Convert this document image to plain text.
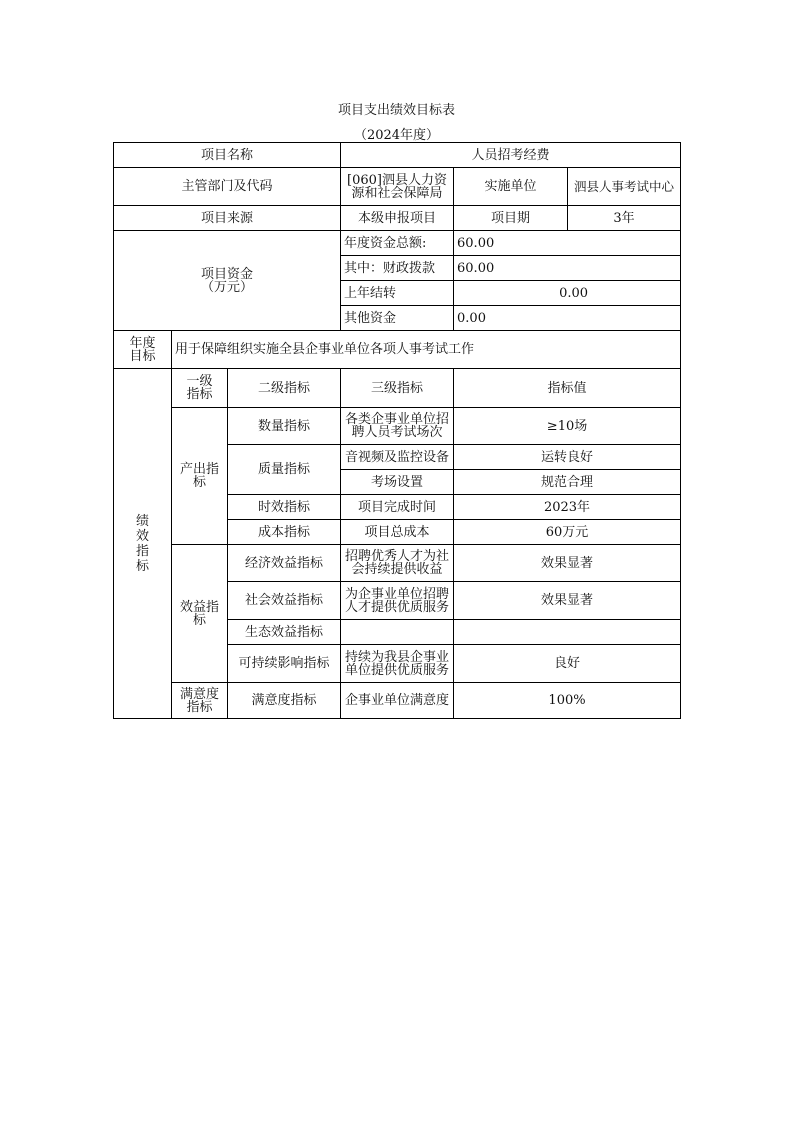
项目支出绩效目标表
（2024年度）
项目名称			人员招考经费		
主管部门及代码			[060]泗县人力资源和社会保障局	实施单位	泗县人事考试中心
项目来源			本级申报项目	项目期	3年

项目资金
（万元）			年度资金总额:	60.00	
			其中：财政拨款	60.00	
			上年结转	0.00	
			其他资金	0.00	
年度目标	用于保障组织实施全县企事业单位各项人事考试工作				
绩效指标	一级指标	二级指标	三级指标	指标值	
	产出指标	数量指标	各类企事业单位招聘人员考试场次	≥10场	
		质量指标	音视频及监控设备	运转良好	
			考场设置	规范合理	
		时效指标	项目完成时间	2023年	
		成本指标	项目总成本	60万元	
	效益指标	经济效益指标	招聘优秀人才为社会持续提供收益	效果显著	
		社会效益指标	为企事业单位招聘人才提供优质服务	效果显著	
		生态效益指标			
		可持续影响指标	持续为我县企事业单位提供优质服务	良好	
	满意度指标	满意度指标	企事业单位满意度	100%	
